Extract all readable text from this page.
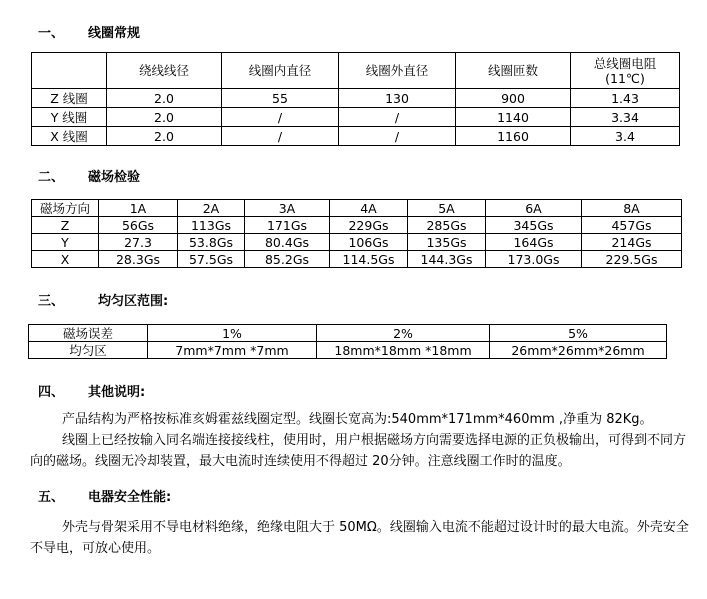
一、 线圈常规
	绕线线径	线圈内直径	线圈外直径	线圈匝数	总线圈电阻
(11℃)
Z 线圈	2.0	55	130	900	1.43
Y 线圈	2.0	/	/	1140	3.34
X 线圈	2.0	/	/	1160	3.4
二、 磁场检验
磁场方向	1A	2A	3A	4A	5A	6A	8A
Z	56Gs	113Gs	171Gs	229Gs	285Gs	345Gs	457Gs
Y	27.3	53.8Gs	80.4Gs	106Gs	135Gs	164Gs	214Gs
X	28.3Gs	57.5Gs	85.2Gs	114.5Gs	144.3Gs	173.0Gs	229.5Gs
三、	均匀区范围:
磁场误差	1%	2%	5%
均匀区	7mm*7mm *7mm	18mm*18mm *18mm	26mm*26mm*26mm
四、 其他说明:

产品结构为严格按标准亥姆霍兹线圈定型。线圈长宽高为:540mm*171mm*460mm ,净重为 82Kg。
线圈上已经按输入同名端连接接线柱，使用时，用户根据磁场方向需要选择电源的正负极输出，可得到不同方向的磁场。线圈无冷却装置，最大电流时连续使用不得超过 20分钟。注意线圈工作时的温度。

五、 电器安全性能:

外壳与骨架采用不导电材料绝缘，绝缘电阻大于 50MΩ。线圈输入电流不能超过设计时的最大电流。外壳安全不导电，可放心使用。
